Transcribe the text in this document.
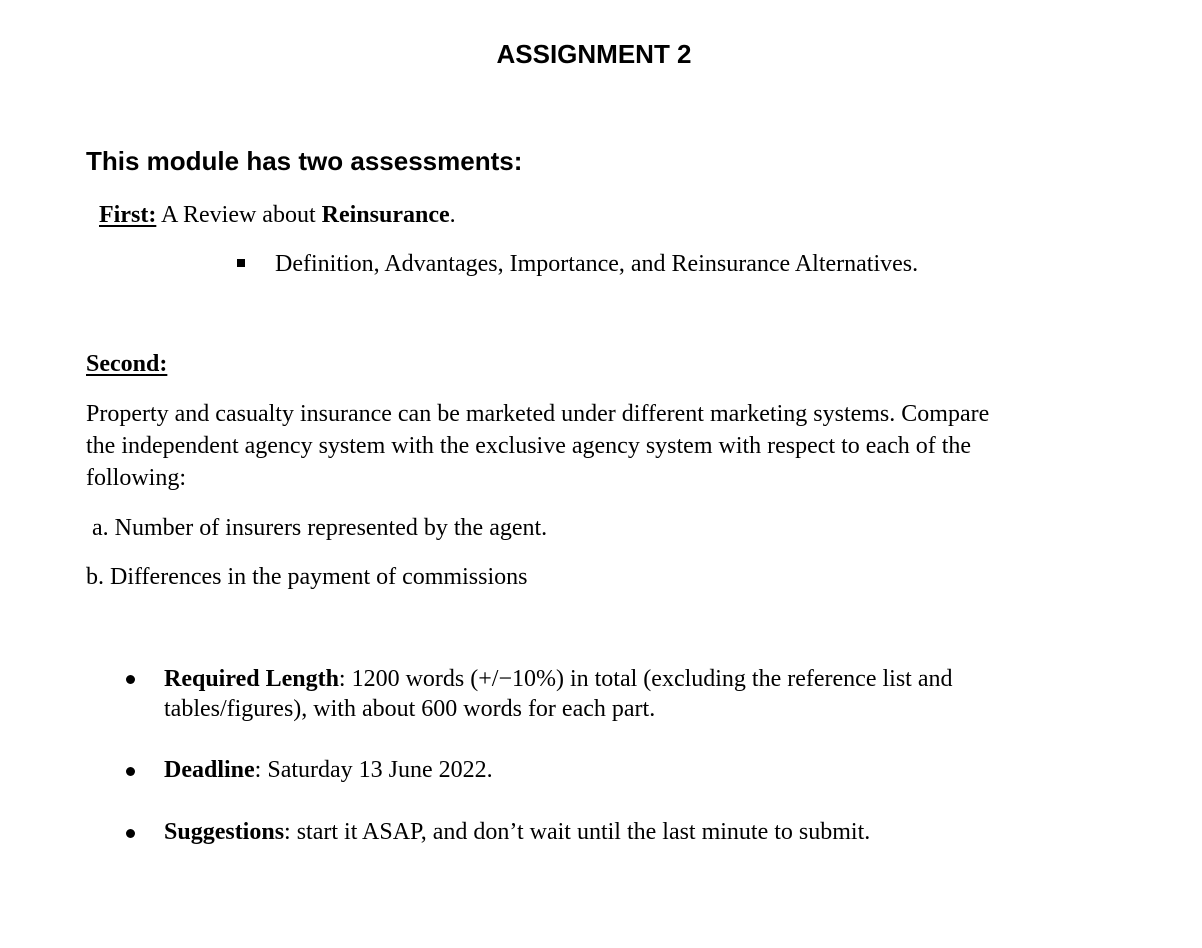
ASSIGNMENT 2
This module has two assessments:
First: A Review about Reinsurance.
Definition, Advantages, Importance, and Reinsurance Alternatives.
Second:
Property and casualty insurance can be marketed under different marketing systems. Compare
the independent agency system with the exclusive agency system with respect to each of the
following:
a. Number of insurers represented by the agent.
b. Differences in the payment of commissions
Required Length: 1200 words (+/−10%) in total (excluding the reference list and
tables/figures), with about 600 words for each part.
Deadline: Saturday 13 June 2022.
Suggestions: start it ASAP, and don’t wait until the last minute to submit.
